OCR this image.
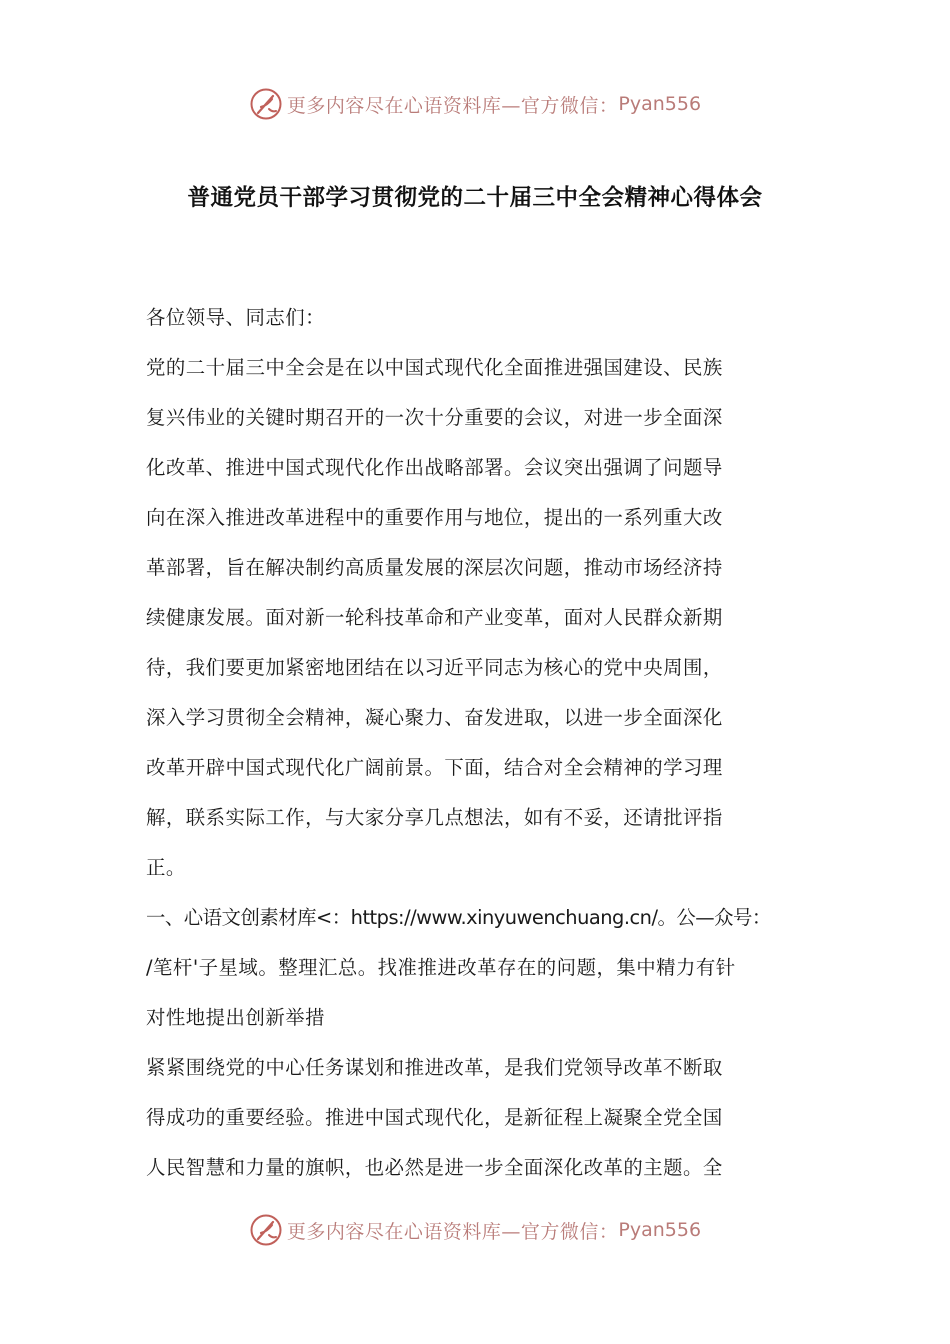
更多内容尽在心语资料库—官方微信： Pyan556
普通党员干部学习贯彻党的二十届三中全会精神心得体会
各位领导、同志们：
党的二十届三中全会是在以中国式现代化全面推进强国建设、民族
复兴伟业的关键时期召开的一次十分重要的会议，对进一步全面深
化改革、推进中国式现代化作出战略部署。会议突出强调了问题导
向在深入推进改革进程中的重要作用与地位，提出的一系列重大改
革部署，旨在解决制约高质量发展的深层次问题，推动市场经济持
续健康发展。面对新一轮科技革命和产业变革，面对人民群众新期
待，我们要更加紧密地团结在以习近平同志为核心的党中央周围，
深入学习贯彻全会精神，凝心聚力、奋发进取，以进一步全面深化
改革开辟中国式现代化广阔前景。下面，结合对全会精神的学习理
解，联系实际工作，与大家分享几点想法，如有不妥，还请批评指
正。
一、心语文创素材库<：https://www.xinyuwenchuang.cn/。公—众号：
/笔杆'子星域。整理汇总。找准推进改革存在的问题，集中精力有针
对性地提出创新举措
紧紧围绕党的中心任务谋划和推进改革，是我们党领导改革不断取
得成功的重要经验。推进中国式现代化，是新征程上凝聚全党全国
人民智慧和力量的旗帜，也必然是进一步全面深化改革的主题。全
更多内容尽在心语资料库—官方微信： Pyan556
